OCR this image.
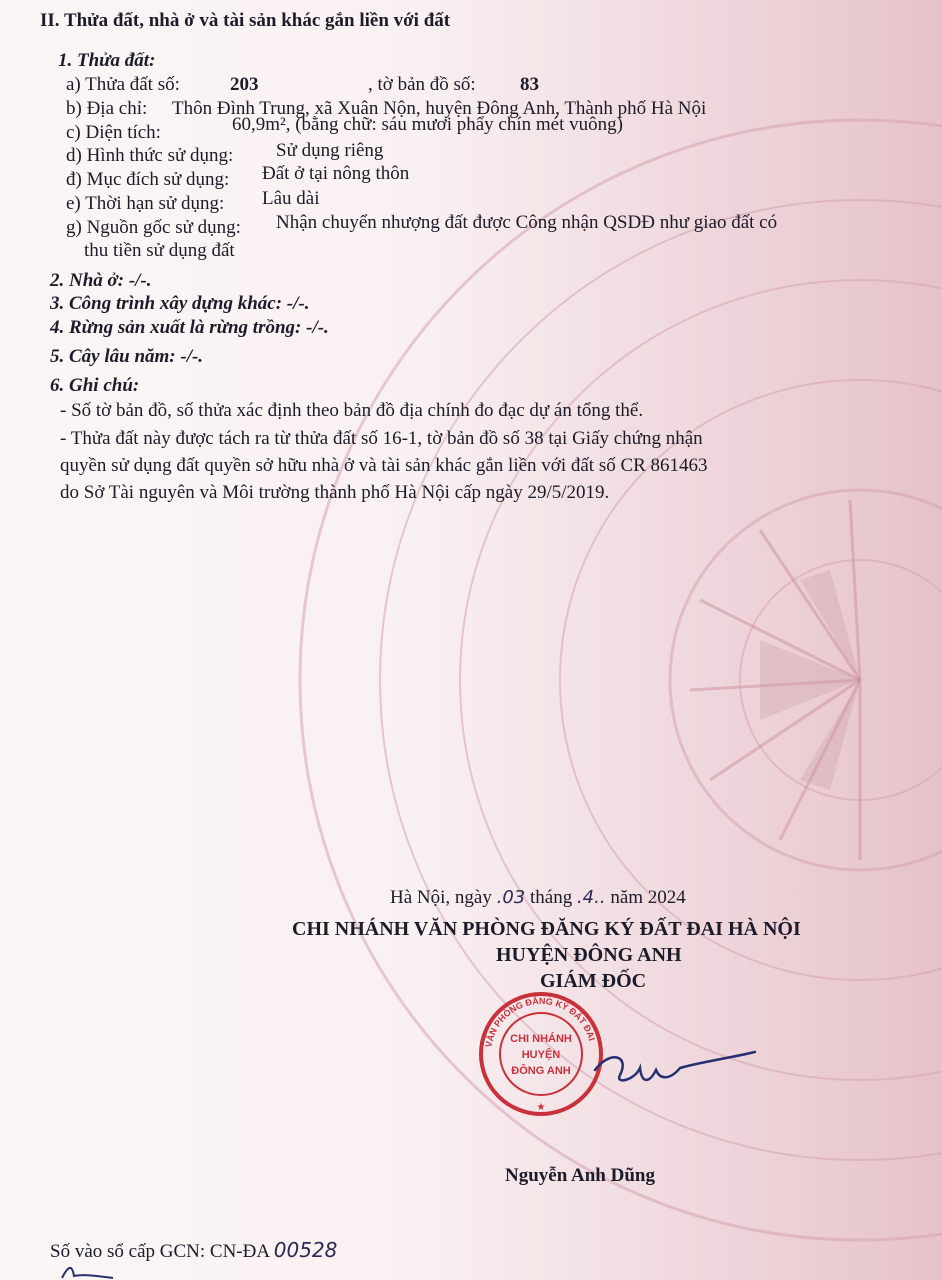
II. Thửa đất, nhà ở và tài sản khác gắn liền với đất
1. Thửa đất:
a) Thửa đất số:	203	, tờ bản đồ số: 83
b) Địa chỉ: Thôn Đình Trung, xã Xuân Nộn, huyện Đông Anh, Thành phố Hà Nội
c) Diện tích:	60,9m², (bằng chữ: sáu mươi phẩy chín mét vuông)
d) Hình thức sử dụng: Sử dụng riêng
đ) Mục đích sử dụng: Đất ở tại nông thôn
e) Thời hạn sử dụng: Lâu dài
g) Nguồn gốc sử dụng: Nhận chuyển nhượng đất được Công nhận QSDĐ như giao đất có
thu tiền sử dụng đất
2. Nhà ở: -/-.
3. Công trình xây dựng khác: -/-.
4. Rừng sản xuất là rừng trồng: -/-.
5. Cây lâu năm: -/-.
6. Ghi chú:
- Số tờ bản đồ, số thửa xác định theo bản đồ địa chính đo đạc dự án tổng thể.
- Thửa đất này được tách ra từ thửa đất số 16-1, tờ bản đồ số 38 tại Giấy chứng nhận
quyền sử dụng đất quyền sở hữu nhà ở và tài sản khác gắn liền với đất số CR 861463
do Sở Tài nguyên và Môi trường thành phố Hà Nội cấp ngày 29/5/2019.
Hà Nội, ngày .03 tháng .4.. năm 2024
CHI NHÁNH VĂN PHÒNG ĐĂNG KÝ ĐẤT ĐAI HÀ NỘI
HUYỆN ĐÔNG ANH
GIÁM ĐỐC
VĂN PHÒNG ĐĂNG KÝ ĐẤT ĐAI
CHI NHÁNH
HUYỆN
ĐÔNG ANH
★
Nguyễn Anh Dũng
Số vào sổ cấp GCN: CN-ĐA 00528
